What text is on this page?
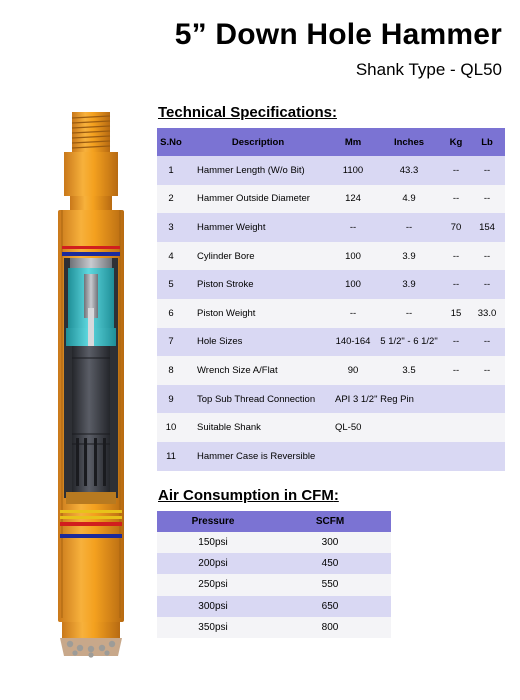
5” Down Hole Hammer
Shank Type - QL50
Technical Specifications:
S.No	Description	Mm	Inches	Kg	Lb
1	Hammer Length (W/o Bit)	1100	43.3	--	--
2	Hammer Outside Diameter	124	4.9	--	--
3	Hammer Weight	--	--	70	154
4	Cylinder Bore	100	3.9	--	--
5	Piston Stroke	100	3.9	--	--
6	Piston Weight	--	--	15	33.0
7	Hole Sizes	140-164	5 1/2" - 6 1/2"	--	--
8	Wrench Size A/Flat	90	3.5	--	--
9	Top Sub Thread Connection	API 3 1/2" Reg Pin
10	Suitable Shank	QL-50
11	Hammer Case is Reversible
Air Consumption in CFM:
Pressure	SCFM
150psi	300
200psi	450
250psi	550
300psi	650
350psi	800
